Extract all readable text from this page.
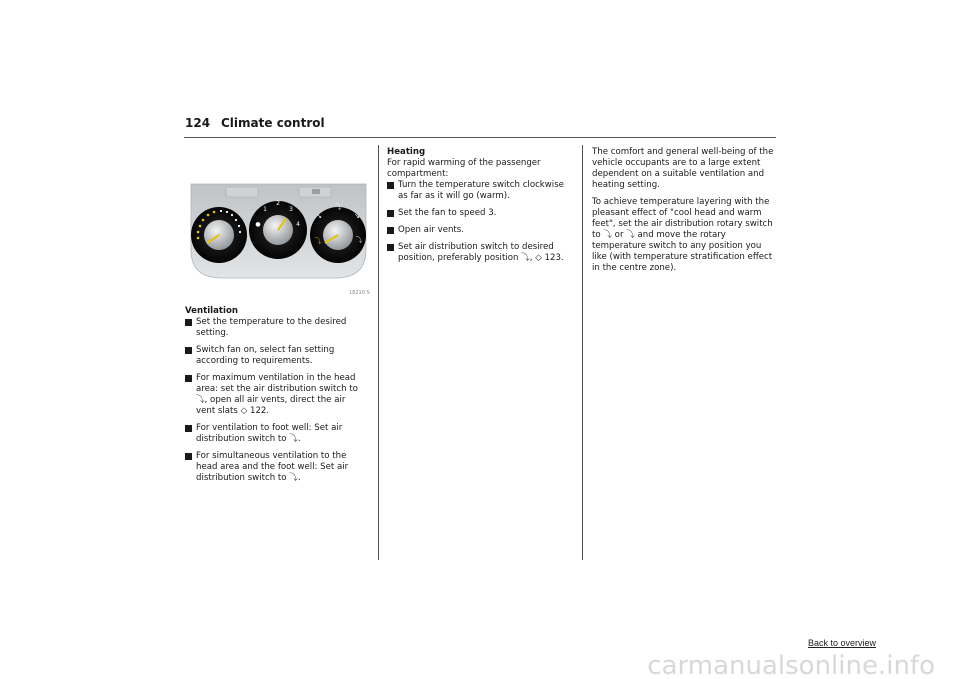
124 Climate control
●
1
2
3
4
↘
⤵
↘
⤵
⤵
18210 S

Ventilation

Set the temperature to the desired setting.
Switch fan on, select fan setting according to requirements.
For maximum ventilation in the head area: set the air distribution switch to ⤵, open all air vents, direct the air vent slats ◇ 122.
For ventilation to foot well: Set air distribution switch to ⤵.
For simultaneous ventilation to the head area and the foot well: Set air distribution switch to ⤵.

Heating

For rapid warming of the passenger compartment:

Turn the temperature switch clockwise as far as it will go (warm).
Set the fan to speed 3.
Open air vents.
Set air distribution switch to desired position, preferably position ⤵, ◇ 123.

The comfort and general well-being of the vehicle occupants are to a large extent dependent on a suitable ventilation and heating setting.

To achieve temperature layering with the pleasant effect of "cool head and warm feet", set the air distribution rotary switch to ⤵ or ⤵ and move the rotary temperature switch to any position you like (with temperature stratification effect in the centre zone).

Back to overview
carmanualsonline.info
